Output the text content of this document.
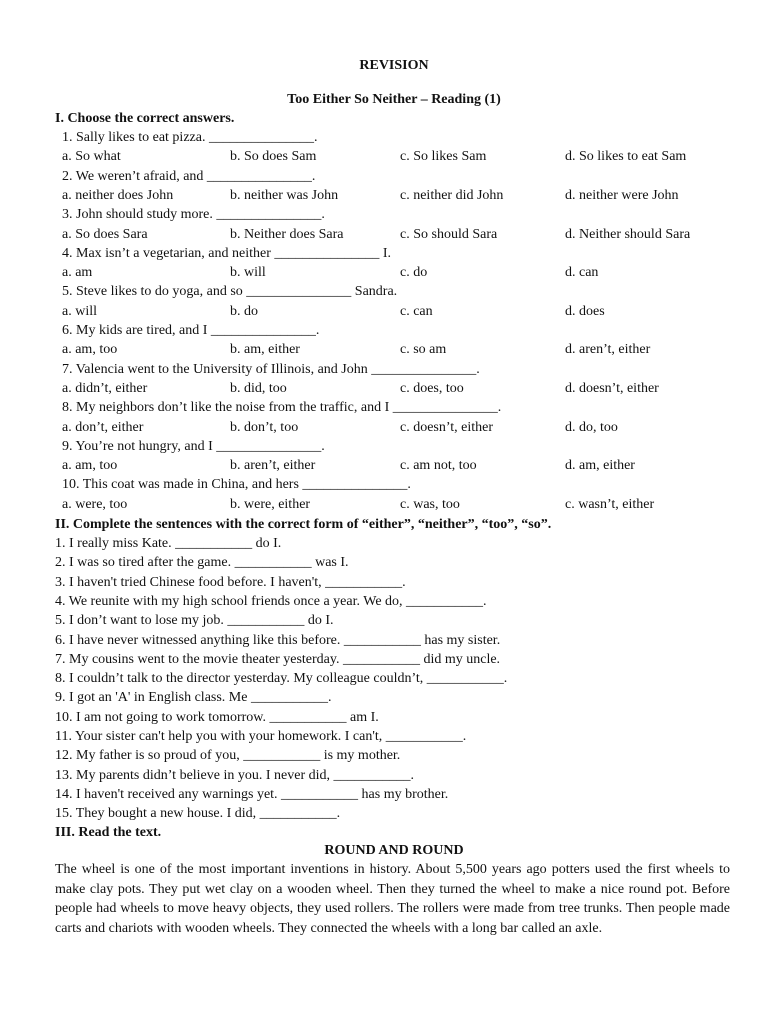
REVISION
Too Either So Neither – Reading (1)
I. Choose the correct answers.
1. Sally likes to eat pizza. _______________.
a. So what	b. So does Sam	c. So likes Sam	d. So likes to eat Sam
2. We weren’t afraid, and _______________.
a. neither does John	b. neither was John	c. neither did John	d. neither were John
3. John should study more. _______________.
a. So does Sara	b. Neither does Sara	c. So should Sara	d. Neither should Sara
4. Max isn’t a vegetarian, and neither _______________ I.
a. am	b. will	c. do	d. can
5. Steve likes to do yoga, and so _______________ Sandra.
a. will	b. do	c. can	d. does
6. My kids are tired, and I _______________.
a. am, too	b. am, either	c. so am	d. aren’t, either
7. Valencia went to the University of Illinois, and John _______________.
a. didn’t, either	b. did, too	c. does, too	d. doesn’t, either
8. My neighbors don’t like the noise from the traffic, and I _______________.
a. don’t, either	b. don’t, too	c. doesn’t, either	d. do, too
9. You’re not hungry, and I _______________.
a. am, too	b. aren’t, either	c. am not, too	d. am, either
10. This coat was made in China, and hers _______________.
a. were, too	b. were, either	c. was, too	c. wasn’t, either
II. Complete the sentences with the correct form of “either”, “neither”, “too”, “so”.
1. I really miss Kate. ___________ do I.
2. I was so tired after the game. ___________ was I.
3. I haven't tried Chinese food before. I haven't, ___________.
4. We reunite with my high school friends once a year. We do, ___________.
5. I don’t want to lose my job. ___________ do I.
6. I have never witnessed anything like this before. ___________ has my sister.
7. My cousins went to the movie theater yesterday. ___________ did my uncle.
8. I couldn’t talk to the director yesterday. My colleague couldn’t, ___________.
9. I got an 'A' in English class. Me ___________.
10. I am not going to work tomorrow. ___________ am I.
11. Your sister can't help you with your homework. I can't, ___________.
12. My father is so proud of you, ___________ is my mother.
13. My parents didn’t believe in you. I never did, ___________.
14. I haven't received any warnings yet. ___________ has my brother.
15. They bought a new house. I did, ___________.
III. Read the text.
ROUND AND ROUND
The wheel is one of the most important inventions in history. About 5,500 years ago potters used the first wheels to make clay pots. They put wet clay on a wooden wheel. Then they turned the wheel to make a nice round pot. Before people had wheels to move heavy objects, they used rollers. The rollers were made from tree trunks. Then people made carts and chariots with wooden wheels. They connected the wheels with a long bar called an axle.
